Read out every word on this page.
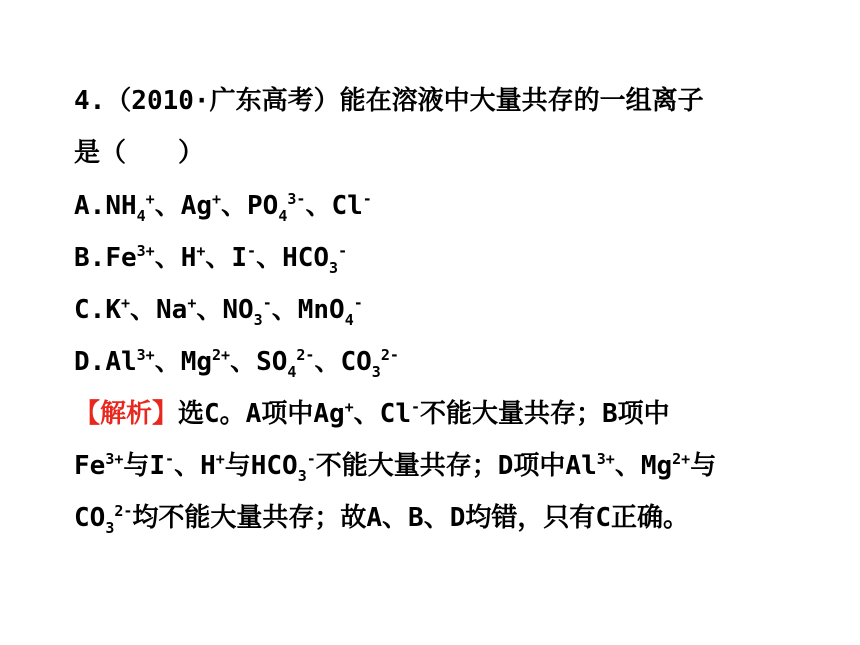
4.（2010·广东高考）能在溶液中大量共存的一组离子
是（　　）
$A.NH_4^+$、Ag+、$PO_4^{3-}$、Cl-
$B.Fe^{3+}$、H+、I-、$HCO_3^-$
C.K+、Na+、$NO_3^-$、MnO$_4$-
$D.Al^{3+}$、$Mg^{2+}$、$SO_4^{2-}$、$CO_3^{2-}$
【解析】选C。A项中Ag+、Cl-不能大量共存；B项中
$Fe^{3+}$与I-、H+与$HCO_3^-$不能大量共存；D项中$Al^{3+}$、$Mg^{2+}$与
$CO_3^{2-}$均不能大量共存；故A、B、D均错，只有C正确。
